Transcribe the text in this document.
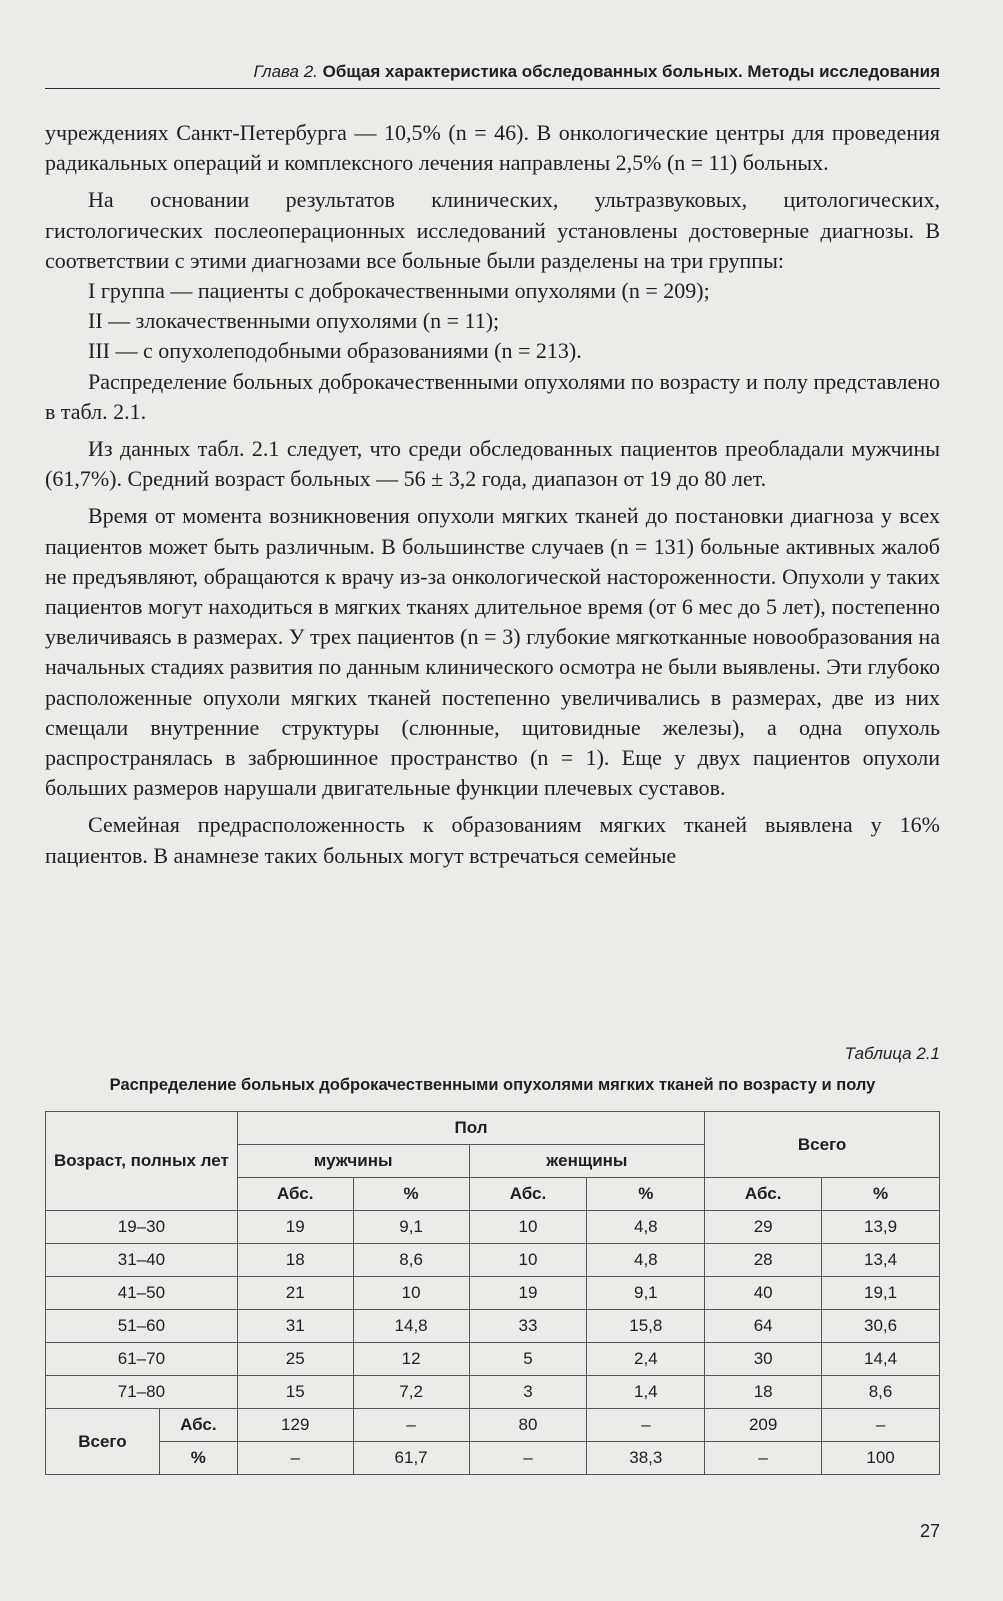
Глава 2. Общая характеристика обследованных больных. Методы исследования

учреждениях Санкт-Петербурга — 10,5% (n = 46). В онкологические центры для проведения радикальных операций и комплексного лечения направлены 2,5% (n = 11) больных.

На основании результатов клинических, ультразвуковых, цитологических, гистологических послеоперационных исследований установлены достоверные диагнозы. В соответствии с этими диагнозами все больные были разделены на три группы:

I группа — пациенты с доброкачественными опухолями (n = 209);

II — злокачественными опухолями (n = 11);

III — с опухолеподобными образованиями (n = 213).

Распределение больных доброкачественными опухолями по возрасту и полу представлено в табл. 2.1.

Из данных табл. 2.1 следует, что среди обследованных пациентов преобладали мужчины (61,7%). Средний возраст больных — 56 ± 3,2 года, диапазон от 19 до 80 лет.

Время от момента возникновения опухоли мягких тканей до постановки диагноза у всех пациентов может быть различным. В большинстве случаев (n = 131) больные активных жалоб не предъявляют, обращаются к врачу из-за онкологической настороженности. Опухоли у таких пациентов могут находиться в мягких тканях длительное время (от 6 мес до 5 лет), постепенно увеличиваясь в размерах. У трех пациентов (n = 3) глубокие мягкотканные новообразования на начальных стадиях развития по данным клинического осмотра не были выявлены. Эти глубоко расположенные опухоли мягких тканей постепенно увеличивались в размерах, две из них смещали внутренние структуры (слюнные, щитовидные железы), а одна опухоль распространялась в забрюшинное пространство (n = 1). Еще у двух пациентов опухоли больших размеров нарушали двигательные функции плечевых суставов.

Семейная предрасположенность к образованиям мягких тканей выявлена у 16% пациентов. В анамнезе таких больных могут встречаться семейные

Таблица 2.1
Распределение больных доброкачественными опухолями мягких тканей по возрасту и полу
Возраст, полных лет		Пол				Всего	
		мужчины		женщины			
		Абс.	%	Абс.	%	Абс.	%
19–30		19	9,1	10	4,8	29	13,9
31–40		18	8,6	10	4,8	28	13,4
41–50		21	10	19	9,1	40	19,1
51–60		31	14,8	33	15,8	64	30,6
61–70		25	12	5	2,4	30	14,4
71–80		15	7,2	3	1,4	18	8,6
Всего	Абс.	129	–	80	–	209	–
	%	–	61,7	–	38,3	–	100
27
